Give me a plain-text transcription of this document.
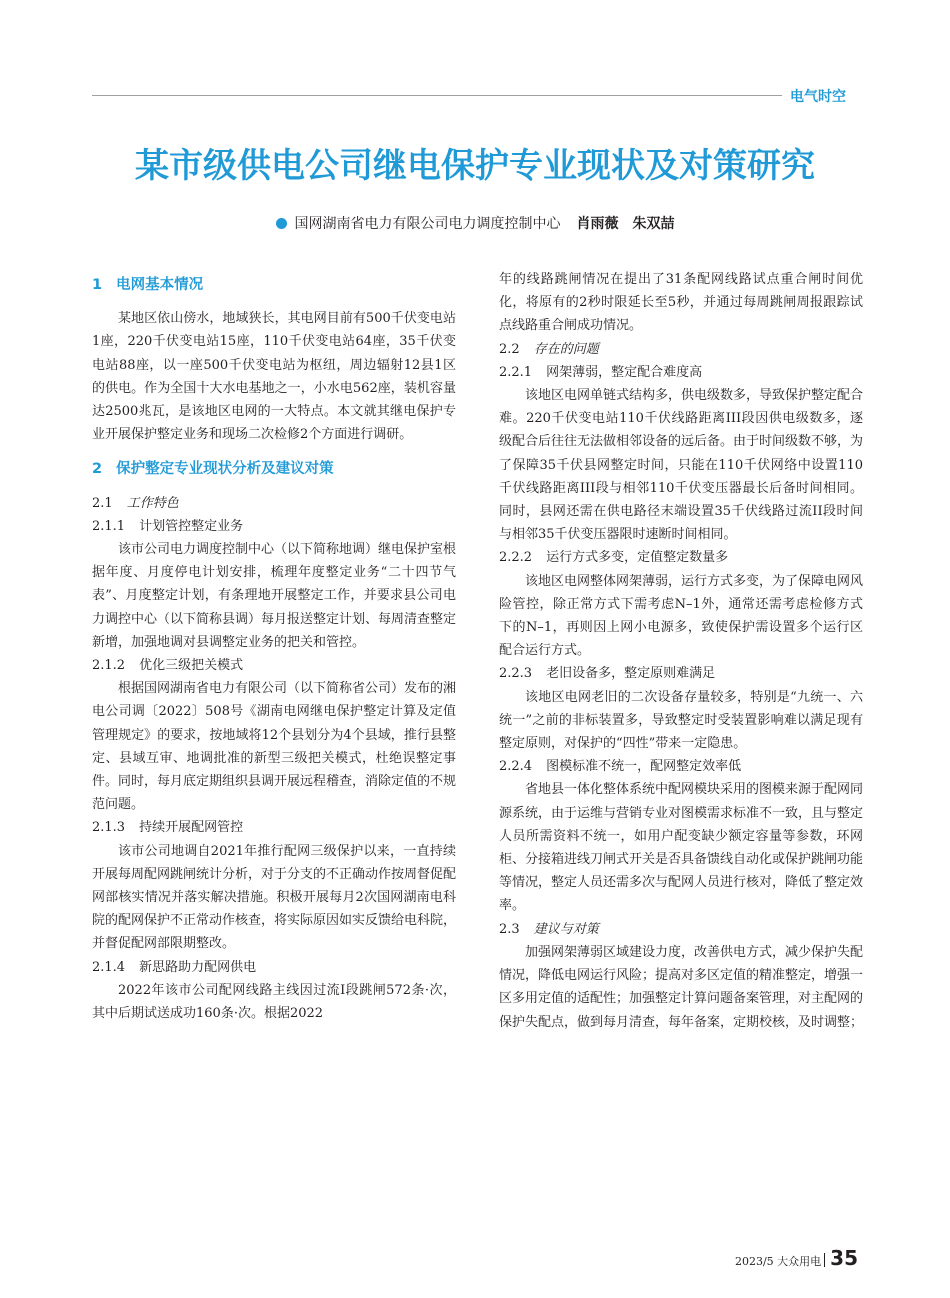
电气时空
某市级供电公司继电保护专业现状及对策研究
国网湖南省电力有限公司电力调度控制中心 肖雨薇　朱双喆
1 电网基本情况

某地区依山傍水，地域狭长，其电网目前有500千伏变电站1座，220千伏变电站15座，110千伏变电站64座，35千伏变电站88座，以一座500千伏变电站为枢纽，周边辐射12县1区的供电。作为全国十大水电基地之一，小水电562座，装机容量达2500兆瓦，是该地区电网的一大特点。本文就其继电保护专业开展保护整定业务和现场二次检修2个方面进行调研。

2 保护整定专业现状分析及建议对策
2.1 工作特色
2.1.1 计划管控整定业务

该市公司电力调度控制中心（以下简称地调）继电保护室根据年度、月度停电计划安排，梳理年度整定业务“二十四节气表”、月度整定计划，有条理地开展整定工作，并要求县公司电力调控中心（以下简称县调）每月报送整定计划、每周清查整定新增，加强地调对县调整定业务的把关和管控。

2.1.2 优化三级把关模式

根据国网湖南省电力有限公司（以下简称省公司）发布的湘电公司调〔2022〕508号《湖南电网继电保护整定计算及定值管理规定》的要求，按地域将12个县划分为4个县域，推行县整定、县域互审、地调批准的新型三级把关模式，杜绝误整定事件。同时，每月底定期组织县调开展远程稽查，消除定值的不规范问题。

2.1.3 持续开展配网管控

该市公司地调自2021年推行配网三级保护以来，一直持续开展每周配网跳闸统计分析，对于分支的不正确动作按周督促配网部核实情况并落实解决措施。积极开展每月2次国网湖南电科院的配网保护不正常动作核查，将实际原因如实反馈给电科院，并督促配网部限期整改。

2.1.4 新思路助力配网供电

2022年该市公司配网线路主线因过流I段跳闸572条·次，其中后期试送成功160条·次。根据2022

年的线路跳闸情况在提出了31条配网线路试点重合闸时间优化，将原有的2秒时限延长至5秒，并通过每周跳闸周报跟踪试点线路重合闸成功情况。

2.2 存在的问题
2.2.1 网架薄弱，整定配合难度高

该地区电网单链式结构多，供电级数多，导致保护整定配合难。220千伏变电站110千伏线路距离III段因供电级数多，逐级配合后往往无法做相邻设备的远后备。由于时间级数不够，为了保障35千伏县网整定时间，只能在110千伏网络中设置110千伏线路距离III段与相邻110千伏变压器最长后备时间相同。同时，县网还需在供电路径末端设置35千伏线路过流II段时间与相邻35千伏变压器限时速断时间相同。

2.2.2 运行方式多变，定值整定数量多

该地区电网整体网架薄弱，运行方式多变，为了保障电网风险管控，除正常方式下需考虑N–1外，通常还需考虑检修方式下的N–1，再则因上网小电源多，致使保护需设置多个运行区配合运行方式。

2.2.3 老旧设备多，整定原则难满足

该地区电网老旧的二次设备存量较多，特别是“九统一、六统一”之前的非标装置多，导致整定时受装置影响难以满足现有整定原则，对保护的“四性”带来一定隐患。

2.2.4 图模标准不统一，配网整定效率低

省地县一体化整体系统中配网模块采用的图模来源于配网同源系统，由于运维与营销专业对图模需求标准不一致，且与整定人员所需资料不统一，如用户配变缺少额定容量等参数，环网柜、分接箱进线刀闸式开关是否具备馈线自动化或保护跳闸功能等情况，整定人员还需多次与配网人员进行核对，降低了整定效率。

2.3 建议与对策

加强网架薄弱区域建设力度，改善供电方式，减少保护失配情况，降低电网运行风险；提高对多区定值的精准整定，增强一区多用定值的适配性；加强整定计算问题备案管理，对主配网的保护失配点，做到每月清查，每年备案，定期校核，及时调整；

2023/5 大众用电 35
